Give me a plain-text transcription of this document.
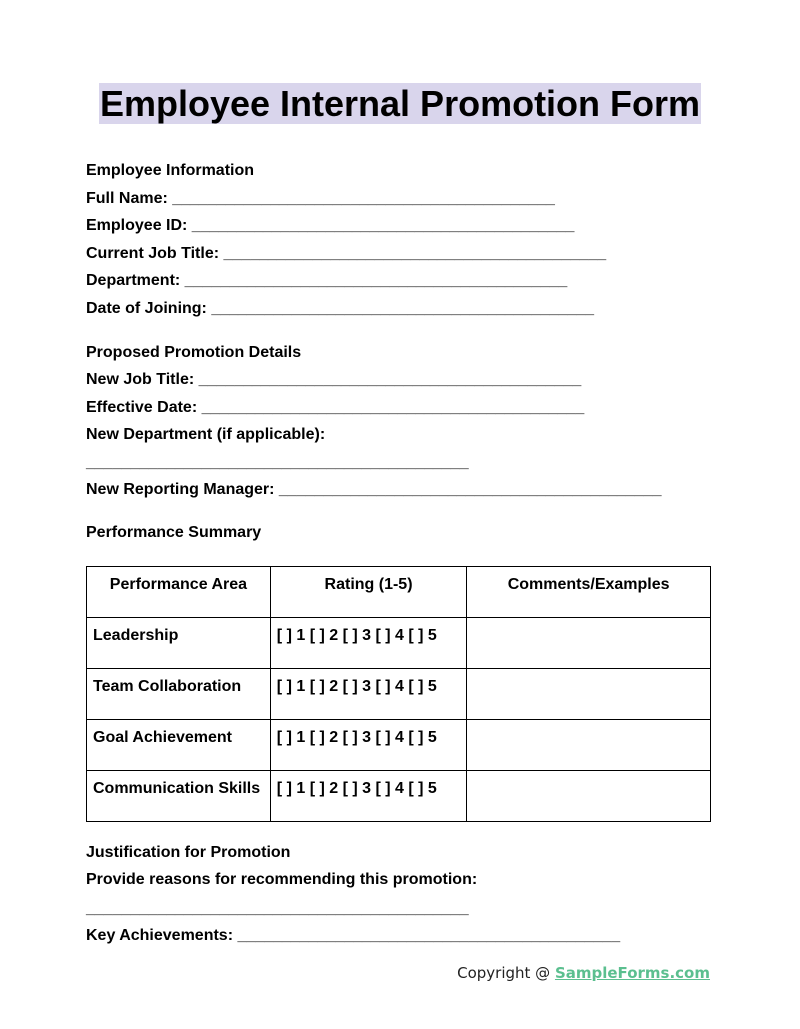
Employee Internal Promotion Form
Employee Information
Full Name: ___________________________________________
Employee ID: ___________________________________________
Current Job Title: ___________________________________________
Department: ___________________________________________
Date of Joining: ___________________________________________
Proposed Promotion Details
New Job Title: ___________________________________________
Effective Date: ___________________________________________
New Department (if applicable):
___________________________________________
New Reporting Manager: ___________________________________________
Performance Summary
Performance Area	Rating (1-5)	Comments/Examples
Leadership	[ ] 1 [ ] 2 [ ] 3 [ ] 4 [ ] 5	
Team Collaboration	[ ] 1 [ ] 2 [ ] 3 [ ] 4 [ ] 5	
Goal Achievement	[ ] 1 [ ] 2 [ ] 3 [ ] 4 [ ] 5	
Communication Skills	[ ] 1 [ ] 2 [ ] 3 [ ] 4 [ ] 5	
Justification for Promotion
Provide reasons for recommending this promotion:
___________________________________________
Key Achievements: ___________________________________________
Copyright @ SampleForms.com
